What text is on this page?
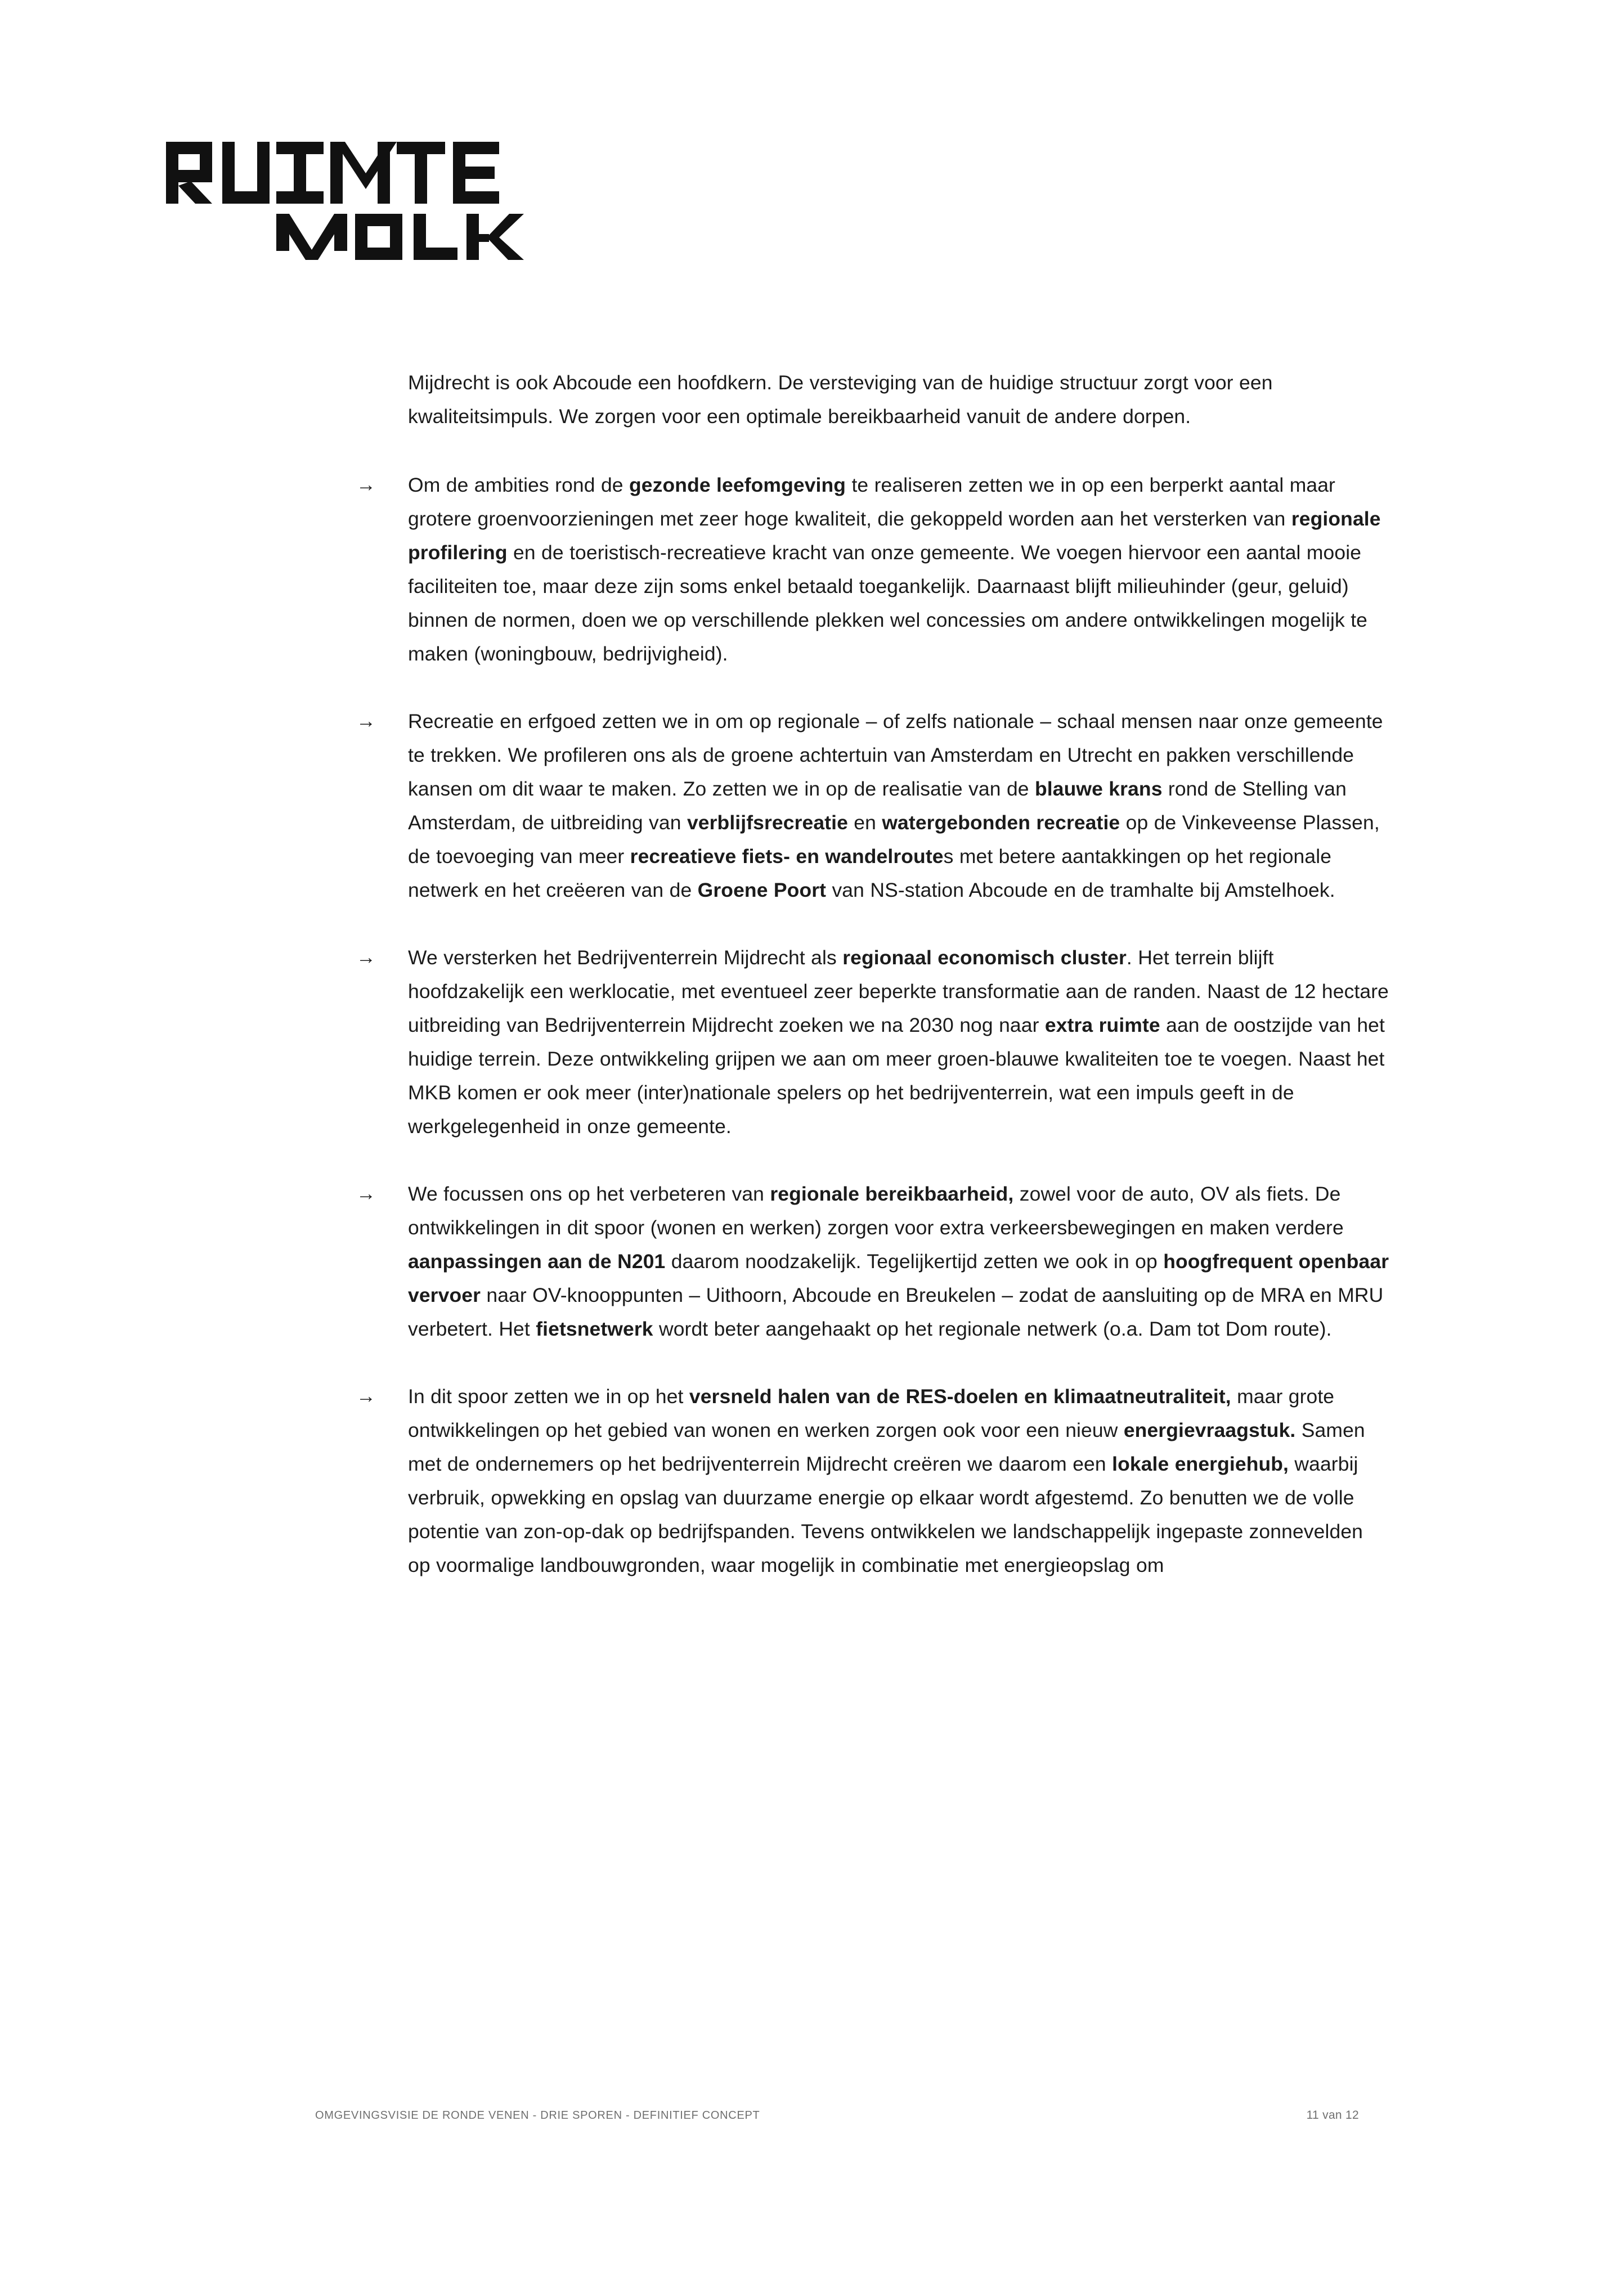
Mijdrecht is ook Abcoude een hoofdkern. De versteviging van de huidige structuur zorgt voor een kwaliteitsimpuls. We zorgen voor een optimale bereikbaarheid vanuit de andere dorpen.

→	Om de ambities rond de gezonde leefomgeving te realiseren zetten we in op een berperkt aantal maar grotere groenvoorzieningen met zeer hoge kwaliteit, die gekoppeld worden aan het versterken van regionale profilering en de toeristisch-recreatieve kracht van onze gemeente. We voegen hiervoor een aantal mooie faciliteiten toe, maar deze zijn soms enkel betaald toegankelijk. Daarnaast blijft milieuhinder (geur, geluid) binnen de normen, doen we op verschillende plekken wel concessies om andere ontwikkelingen mogelijk te maken (woningbouw, bedrijvigheid).
→	Recreatie en erfgoed zetten we in om op regionale – of zelfs nationale – schaal mensen naar onze gemeente te trekken. We profileren ons als de groene achtertuin van Amsterdam en Utrecht en pakken verschillende kansen om dit waar te maken. Zo zetten we in op de realisatie van de blauwe krans rond de Stelling van Amsterdam, de uitbreiding van verblijfsrecreatie en watergebonden recreatie op de Vinkeveense Plassen, de toevoeging van meer recreatieve fiets- en wandelroutes met betere aantakkingen op het regionale netwerk en het creëeren van de Groene Poort van NS-station Abcoude en de tramhalte bij Amstelhoek.
→	We versterken het Bedrijventerrein Mijdrecht als regionaal economisch cluster. Het terrein blijft hoofdzakelijk een werklocatie, met eventueel zeer beperkte transformatie aan de randen. Naast de 12 hectare uitbreiding van Bedrijventerrein Mijdrecht zoeken we na 2030 nog naar extra ruimte aan de oostzijde van het huidige terrein. Deze ontwikkeling grijpen we aan om meer groen-blauwe kwaliteiten toe te voegen. Naast het MKB komen er ook meer (inter)nationale spelers op het bedrijventerrein, wat een impuls geeft in de werkgelegenheid in onze gemeente.
→	We focussen ons op het verbeteren van regionale bereikbaarheid, zowel voor de auto, OV als fiets. De ontwikkelingen in dit spoor (wonen en werken) zorgen voor extra verkeersbewegingen en maken verdere aanpassingen aan de N201 daarom noodzakelijk. Tegelijkertijd zetten we ook in op hoogfrequent openbaar vervoer naar OV-knooppunten – Uithoorn, Abcoude en Breukelen – zodat de aansluiting op de MRA en MRU verbetert. Het fietsnetwerk wordt beter aangehaakt op het regionale netwerk (o.a. Dam tot Dom route).
→	In dit spoor zetten we in op het versneld halen van de RES-doelen en klimaatneutraliteit, maar grote ontwikkelingen op het gebied van wonen en werken zorgen ook voor een nieuw energievraagstuk. Samen met de ondernemers op het bedrijventerrein Mijdrecht creëren we daarom een lokale energiehub, waarbij verbruik, opwekking en opslag van duurzame energie op elkaar wordt afgestemd. Zo benutten we de volle potentie van zon-op-dak op bedrijfspanden. Tevens ontwikkelen we landschappelijk ingepaste zonnevelden op voormalige landbouwgronden, waar mogelijk in combinatie met energieopslag om
OMGEVINGSVISIE DE RONDE VENEN - DRIE SPOREN - DEFINITIEF CONCEPT	11 van 12
